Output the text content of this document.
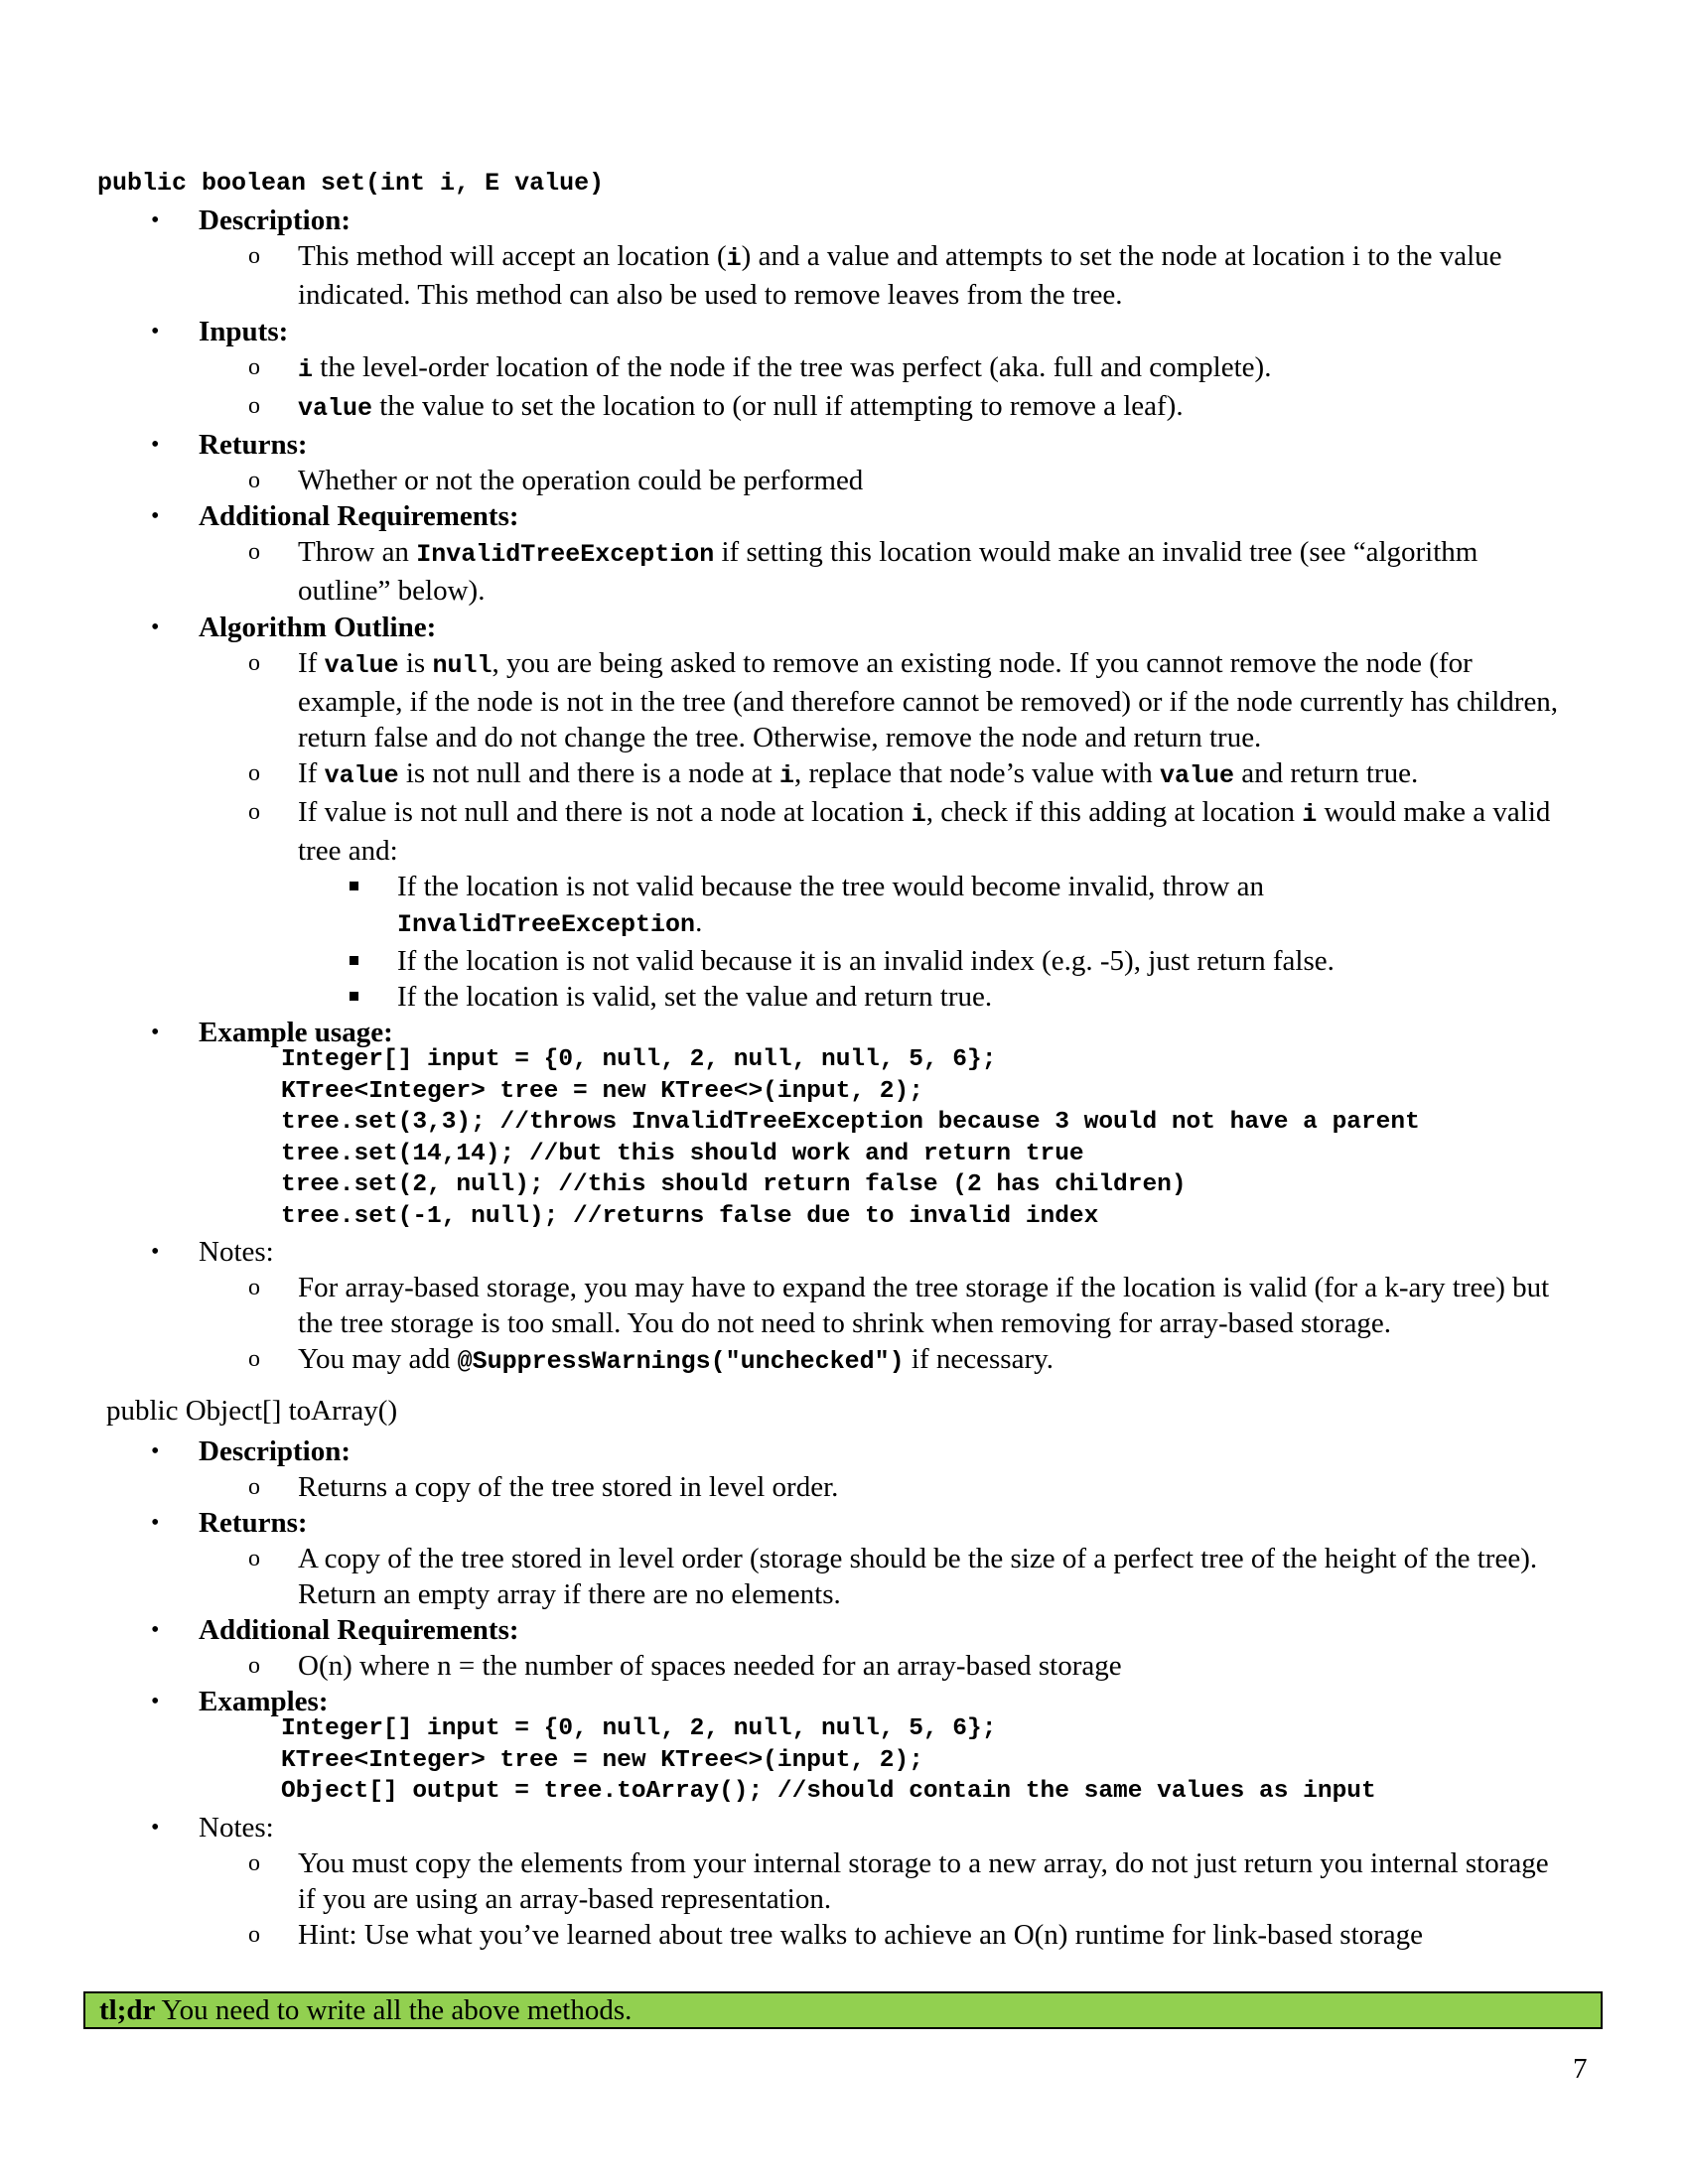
public boolean set(int i, E value)
• Description:
o This method will accept an location (i) and a value and attempts to set the node at location i to the value indicated. This method can also be used to remove leaves from the tree.
• Inputs:
o i the level-order location of the node if the tree was perfect (aka. full and complete).
o value the value to set the location to (or null if attempting to remove a leaf).
• Returns:
o Whether or not the operation could be performed
• Additional Requirements:
o Throw an InvalidTreeException if setting this location would make an invalid tree (see “algorithm outline” below).
• Algorithm Outline:
o If value is null, you are being asked to remove an existing node. If you cannot remove the node (for example, if the node is not in the tree (and therefore cannot be removed) or if the node currently has children, return false and do not change the tree. Otherwise, remove the node and return true.
o If value is not null and there is a node at i, replace that node’s value with value and return true.
o If value is not null and there is not a node at location i, check if this adding at location i would make a valid tree and:
If the location is not valid because the tree would become invalid, throw an InvalidTreeException.
If the location is not valid because it is an invalid index (e.g. -5), just return false.
If the location is valid, set the value and return true.
• Example usage:
Integer[] input = {0, null, 2, null, null, 5, 6};
KTree<Integer> tree = new KTree<>(input, 2);
tree.set(3,3); //throws InvalidTreeException because 3 would not have a parent
tree.set(14,14); //but this should work and return true
tree.set(2, null); //this should return false (2 has children)
tree.set(-1, null); //returns false due to invalid index
• Notes:
o For array-based storage, you may have to expand the tree storage if the location is valid (for a k-ary tree) but the tree storage is too small. You do not need to shrink when removing for array-based storage.
o You may add @SuppressWarnings("unchecked") if necessary.
public Object[] toArray()
• Description:
o Returns a copy of the tree stored in level order.
• Returns:
o A copy of the tree stored in level order (storage should be the size of a perfect tree of the height of the tree). Return an empty array if there are no elements.
• Additional Requirements:
o O(n) where n = the number of spaces needed for an array-based storage
• Examples:
Integer[] input = {0, null, 2, null, null, 5, 6};
KTree<Integer> tree = new KTree<>(input, 2);
Object[] output = tree.toArray(); //should contain the same values as input
• Notes:
o You must copy the elements from your internal storage to a new array, do not just return you internal storage if you are using an array-based representation.
o Hint: Use what you’ve learned about tree walks to achieve an O(n) runtime for link-based storage
tl;dr You need to write all the above methods.
7
